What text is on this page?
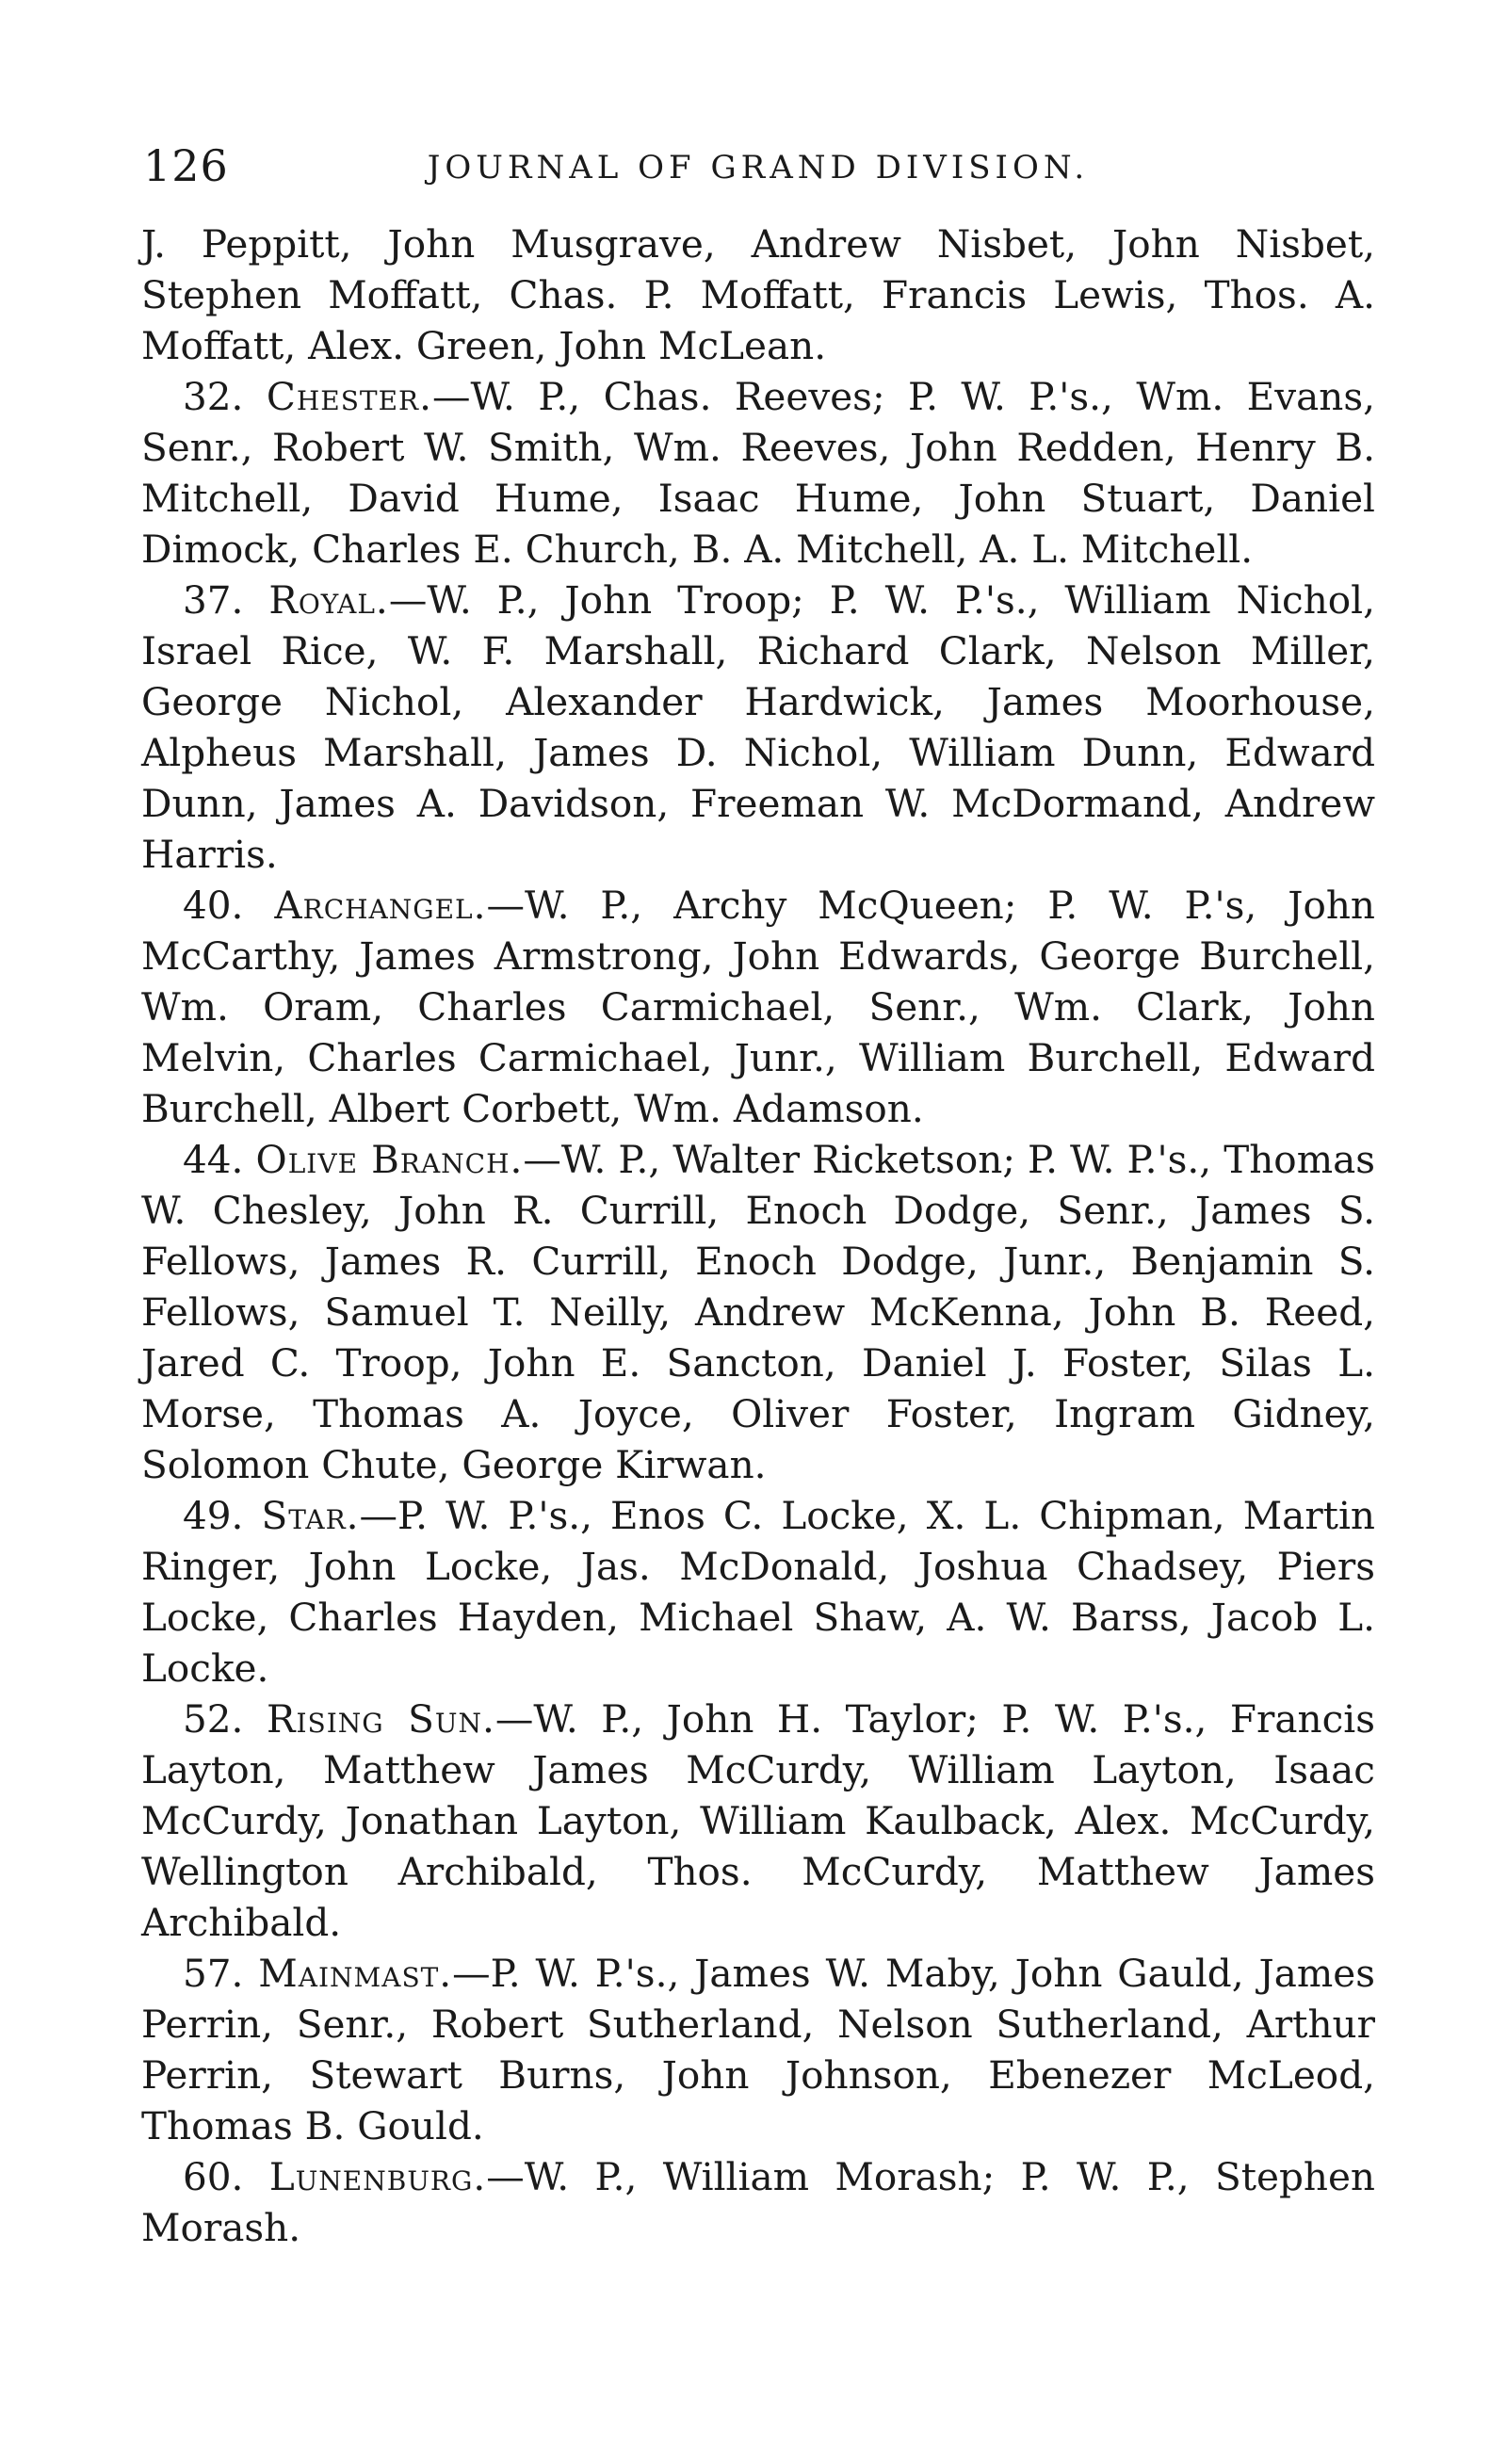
126	JOURNAL OF GRAND DIVISION.

J. Peppitt, John Musgrave, Andrew Nisbet, John Nisbet, Stephen Moffatt, Chas. P. Moffatt, Francis Lewis, Thos. A. Moffatt, Alex. Green, John McLean.

32. Chester.—W. P., Chas. Reeves; P. W. P.'s., Wm. Evans, Senr., Robert W. Smith, Wm. Reeves, John Redden, Henry B. Mitchell, David Hume, Isaac Hume, John Stuart, Daniel Dimock, Charles E. Church, B. A. Mitchell, A. L. Mitchell.

37. Royal.—W. P., John Troop; P. W. P.'s., William Nichol, Israel Rice, W. F. Marshall, Richard Clark, Nelson Miller, George Nichol, Alexander Hardwick, James Moorhouse, Alpheus Marshall, James D. Nichol, William Dunn, Edward Dunn, James A. Davidson, Freeman W. McDormand, Andrew Harris.

40. Archangel.—W. P., Archy McQueen; P. W. P.'s, John McCarthy, James Armstrong, John Edwards, George Burchell, Wm. Oram, Charles Carmichael, Senr., Wm. Clark, John Melvin, Charles Carmichael, Junr., William Burchell, Edward Burchell, Albert Corbett, Wm. Adamson.

44. Olive Branch.—W. P., Walter Ricketson; P. W. P.'s., Thomas W. Chesley, John R. Currill, Enoch Dodge, Senr., James S. Fellows, James R. Currill, Enoch Dodge, Junr., Benjamin S. Fellows, Samuel T. Neilly, Andrew McKenna, John B. Reed, Jared C. Troop, John E. Sancton, Daniel J. Foster, Silas L. Morse, Thomas A. Joyce, Oliver Foster, Ingram Gidney, Solomon Chute, George Kirwan.

49. Star.—P. W. P.'s., Enos C. Locke, X. L. Chipman, Martin Ringer, John Locke, Jas. McDonald, Joshua Chadsey, Piers Locke, Charles Hayden, Michael Shaw, A. W. Barss, Jacob L. Locke.

52. Rising Sun.—W. P., John H. Taylor; P. W. P.'s., Francis Layton, Matthew James McCurdy, William Layton, Isaac McCurdy, Jonathan Layton, William Kaulback, Alex. McCurdy, Wellington Archibald, Thos. McCurdy, Matthew James Archibald.

57. Mainmast.—P. W. P.'s., James W. Maby, John Gauld, James Perrin, Senr., Robert Sutherland, Nelson Sutherland, Arthur Perrin, Stewart Burns, John Johnson, Ebenezer McLeod, Thomas B. Gould.

60. Lunenburg.—W. P., William Morash; P. W. P., Stephen Morash.
